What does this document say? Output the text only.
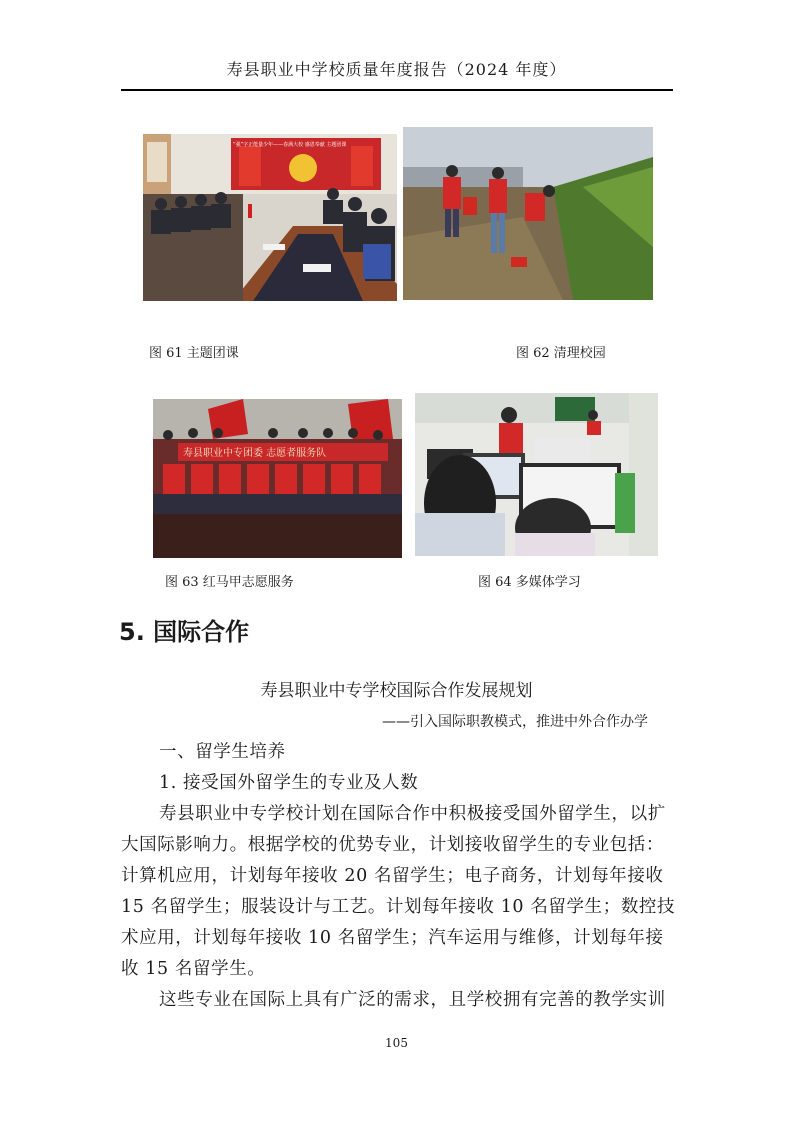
寿县职业中学校质量年度报告（2024 年度）
“强”字正能量少年——春满大校 感恩奉献 主题团课
图 61 主题团课	图 62 清理校园
寿县职业中专团委 志愿者服务队
图 63 红马甲志愿服务	图 64 多媒体学习
5. 国际合作
寿县职业中专学校国际合作发展规划
——引入国际职教模式，推进中外合作办学
一、留学生培养
1. 接受国外留学生的专业及人数
寿县职业中专学校计划在国际合作中积极接受国外留学生，以扩
大国际影响力。根据学校的优势专业，计划接收留学生的专业包括：
计算机应用，计划每年接收 20 名留学生；电子商务，计划每年接收
15 名留学生；服装设计与工艺。计划每年接收 10 名留学生；数控技
术应用，计划每年接收 10 名留学生；汽车运用与维修，计划每年接
收 15 名留学生。
这些专业在国际上具有广泛的需求，且学校拥有完善的教学实训
105
